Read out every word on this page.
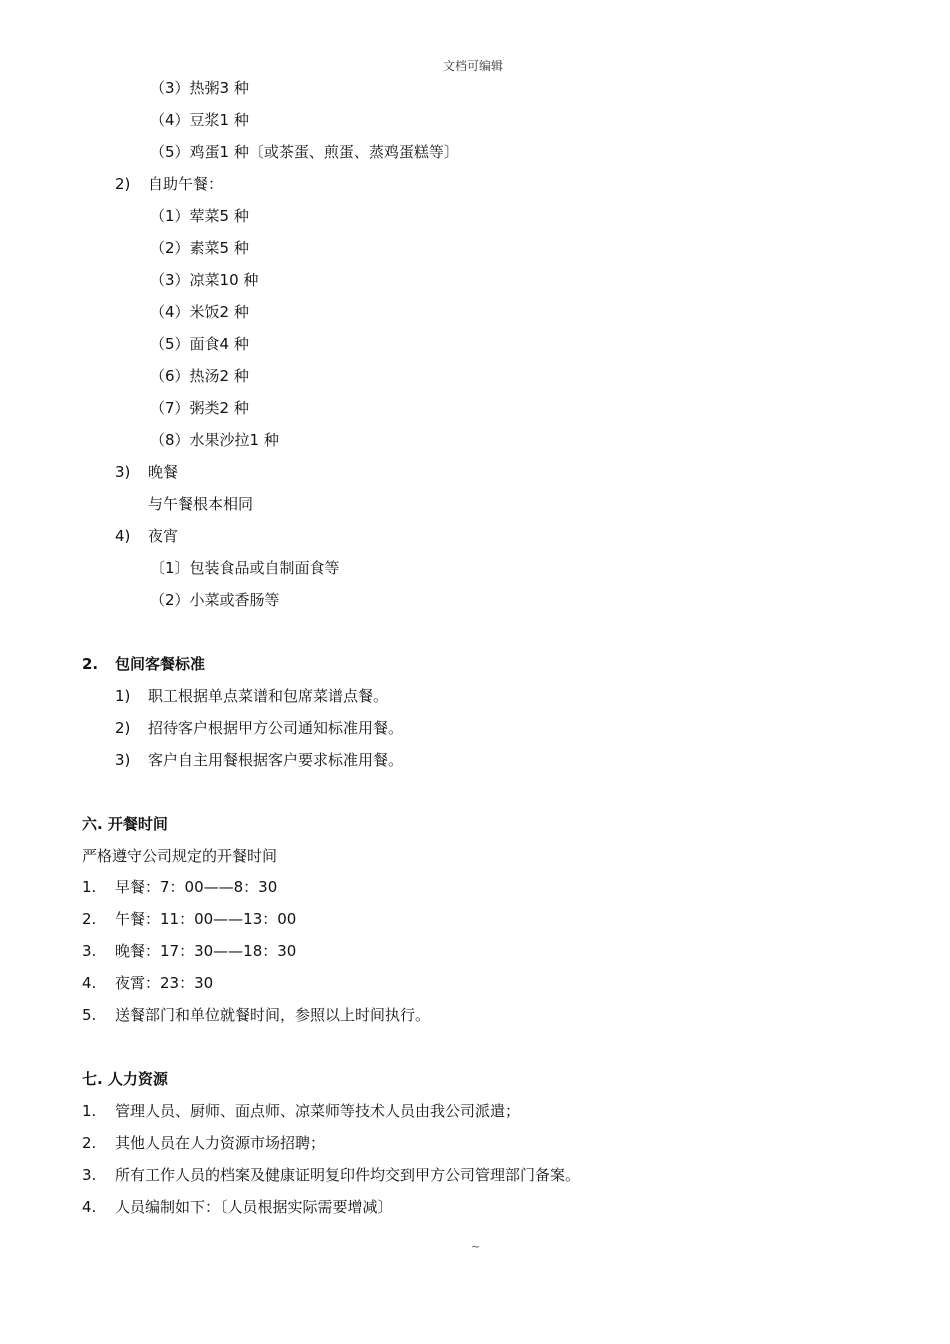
文档可编辑
（3）热粥3 种
（4）豆浆1 种
（5）鸡蛋1 种〔或茶蛋、煎蛋、蒸鸡蛋糕等〕
2) 自助午餐：
（1）荤菜5 种
（2）素菜5 种
（3）凉菜10 种
（4）米饭2 种
（5）面食4 种
（6）热汤2 种
（7）粥类2 种
（8）水果沙拉1 种
3) 晚餐
与午餐根本相同
4) 夜宵
〔1〕包装食品或自制面食等
（2）小菜或香肠等
2. 包间客餐标准
1) 职工根据单点菜谱和包席菜谱点餐。
2) 招待客户根据甲方公司通知标准用餐。
3) 客户自主用餐根据客户要求标准用餐。
六. 开餐时间
严格遵守公司规定的开餐时间
1. 早餐：7：00——8：30
2. 午餐：11：00——13：00
3. 晚餐：17：30——18：30
4. 夜霄：23：30
5. 送餐部门和单位就餐时间，参照以上时间执行。
七. 人力资源
1. 管理人员、厨师、面点师、凉菜师等技术人员由我公司派遣；
2. 其他人员在人力资源市场招聘；
3. 所有工作人员的档案及健康证明复印件均交到甲方公司管理部门备案。
4. 人员编制如下：〔人员根据实际需要增减〕
~
